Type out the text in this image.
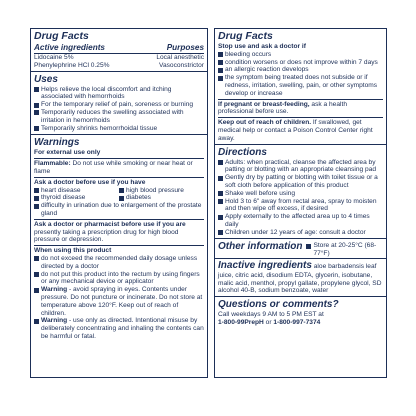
Drug Facts
Active ingredients	Purposes
Lidocaine 5%	Local anesthetic
Phenylephrine HCl 0.25%	Vasoconstrictor
Uses
Helps relieve the local discomfort and itching associated with hemorrhoids
For the temporary relief of pain, soreness or burning
Temporarily reduces the swelling associated with irritation in hemorrhoids
Temporarily shrinks hemorrhoidal tissue
Warnings
For external use only
Flammable: Do not use while smoking or near heat or flame
Ask a doctor before use if you have
heart disease	high blood pressure
thyroid disease	diabetes
difficulty in urination due to enlargement of the prostate gland
Ask a doctor or pharmacist before use if you are presently taking a prescription drug for high blood pressure or depression.
When using this product
do not exceed the recommended daily dosage unless directed by a doctor
do not put this product into the rectum by using fingers or any mechanical device or applicator
Warning - avoid spraying in eyes. Contents under pressure. Do not puncture or incinerate. Do not store at temperature above 120°F. Keep out of reach of children.
Warning - use only as directed. Intentional misuse by deliberately concentrating and inhaling the contents can be harmful or fatal.
Drug Facts
Stop use and ask a doctor if
bleeding occurs
condition worsens or does not improve within 7 days
an allergic reaction develops
the symptom being treated does not subside or if redness, irritation, swelling, pain, or other symptoms develop or increase
If pregnant or breast-feeding, ask a health professional before use.
Keep out of reach of children. If swallowed, get medical help or contact a Poison Control Center right away.
Directions
Adults: when practical, cleanse the affected area by patting or blotting with an appropriate cleansing pad
Gently dry by patting or blotting with toilet tissue or a soft cloth before application of this product
Shake well before using
Hold 3 to 6" away from rectal area, spray to moisten and then wipe off excess, if desired
Apply externally to the affected area up to 4 times daily
Children under 12 years of age: consult a doctor
Other information Store at 20-25°C (68-77°F)
Inactive ingredients aloe barbadensis leaf juice, citric acid, disodium EDTA, glycerin, isobutane, malic acid, menthol, propyl gallate, propylene glycol, SD alcohol 40-B, sodium benzoate, water
Questions or comments?
Call weekdays 9 AM to 5 PM EST at
1-800-99PrepH or 1-800-997-7374
